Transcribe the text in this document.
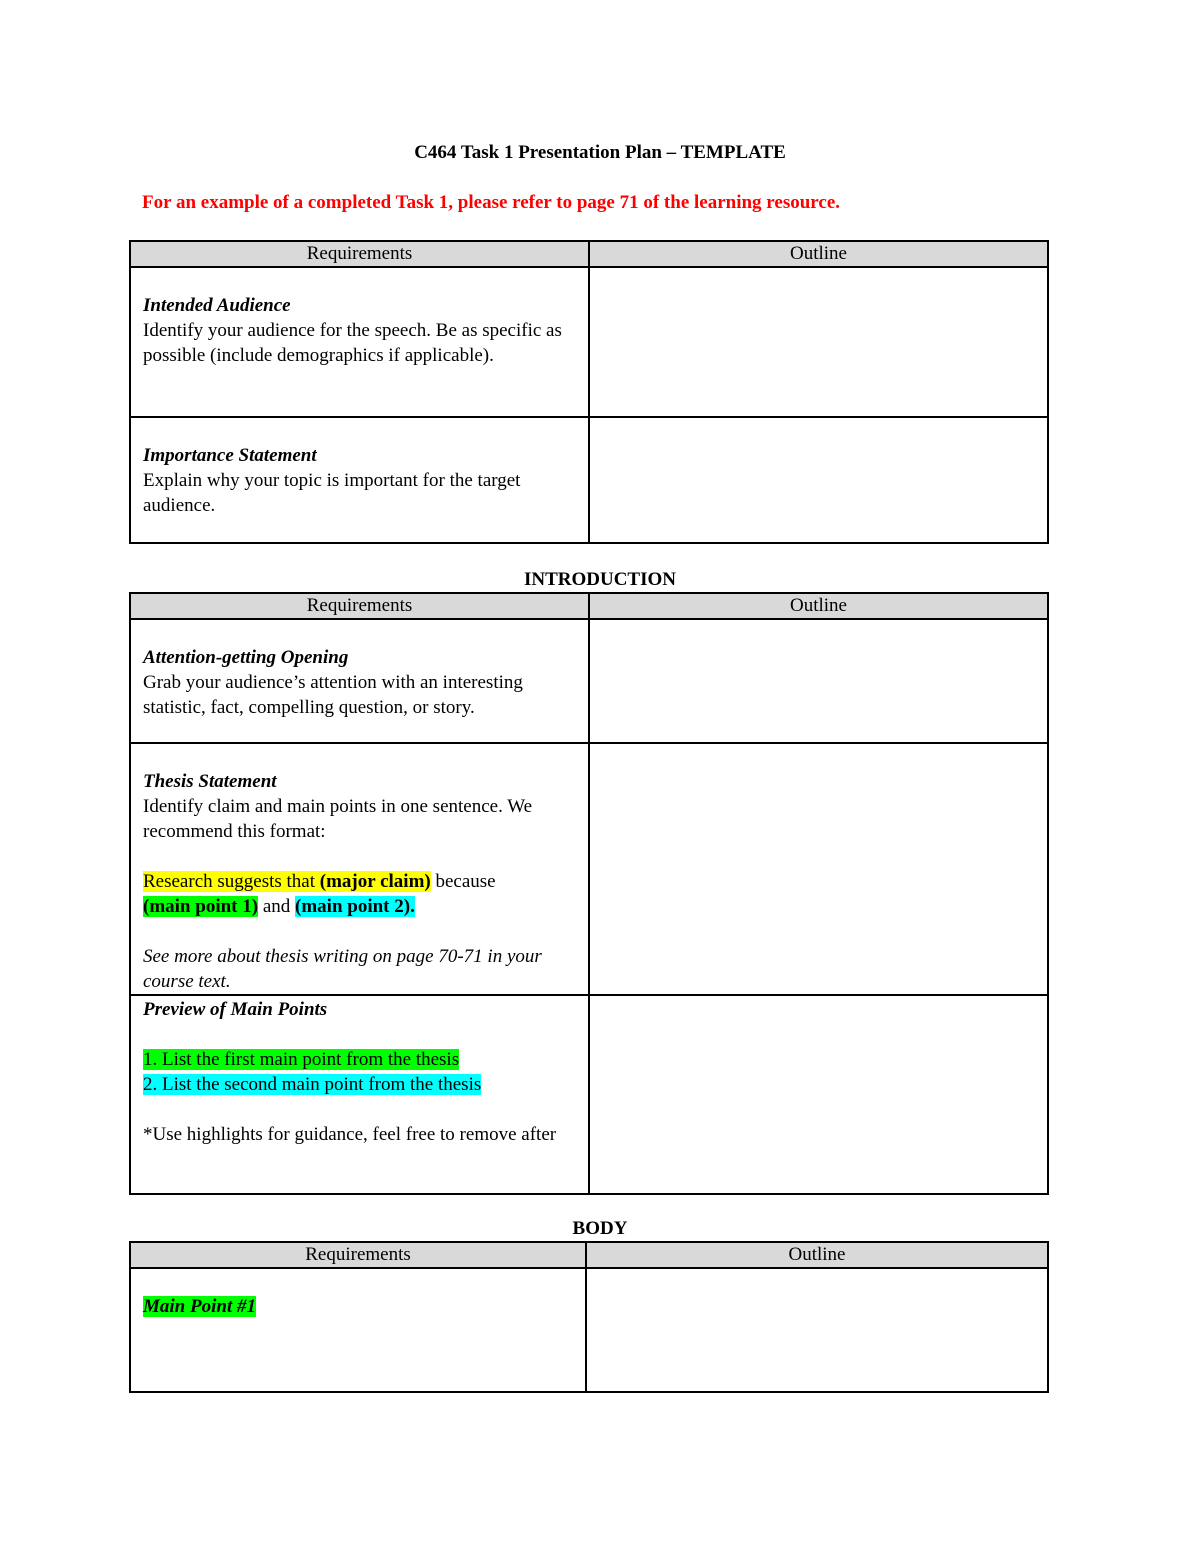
C464 Task 1 Presentation Plan – TEMPLATE
For an example of a completed Task 1, please refer to page 71 of the learning resource.
Requirements	Outline

Intended Audience
Identify your audience for the speech. Be as specific as possible (include demographics if applicable).	

Importance Statement
Explain why your topic is important for the target audience.	

INTRODUCTION
Requirements	Outline

Attention-getting Opening
Grab your audience’s attention with an interesting statistic, fact, compelling question, or story.	

Thesis Statement
Identify claim and main points in one sentence. We recommend this format:
Research suggests that (major claim) because
(main point 1) and (main point 2).
See more about thesis writing on page 70-71 in your course text.	

Preview of Main Points
1. List the first main point from the thesis
2. List the second main point from the thesis
*Use highlights for guidance, feel free to remove after	

BODY
Requirements	Outline

Main Point #1	
